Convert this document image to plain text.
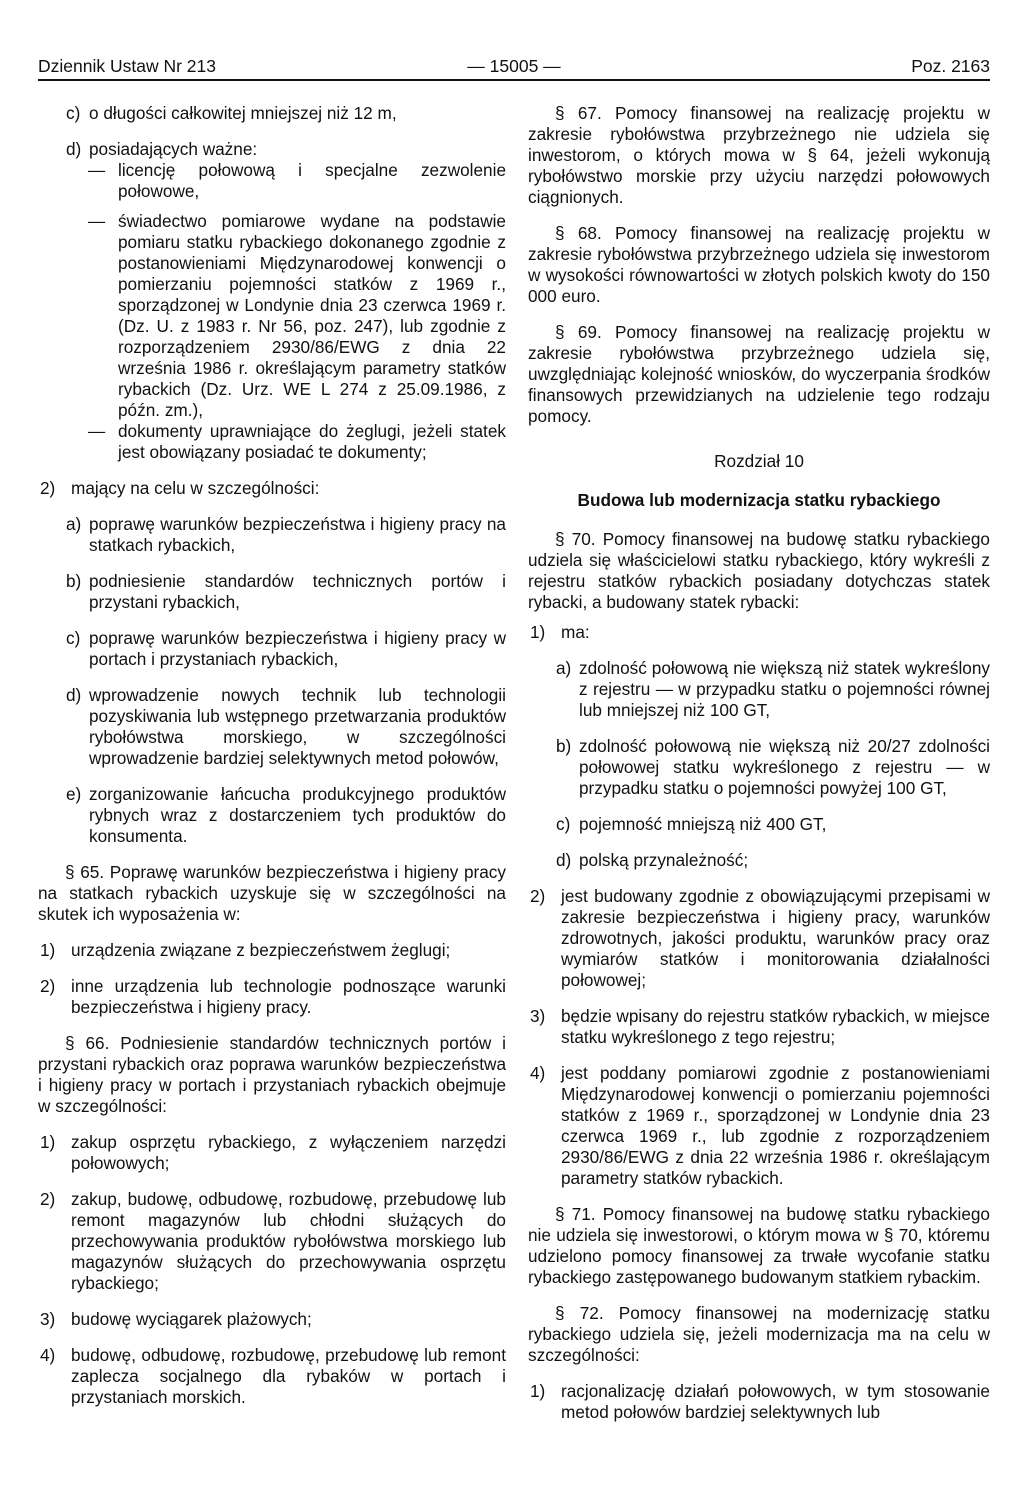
Dziennik Ustaw Nr 213	— 15005 —	Poz. 2163

c) o długości całkowitej mniejszej niż 12 m,

d) posiadających ważne:

— licencję połowową i specjalne zezwolenie połowowe,

— świadectwo pomiarowe wydane na podstawie pomiaru statku rybackiego dokonanego zgodnie z postanowieniami Międzynarodowej konwencji o pomierzaniu pojemności statków z 1969 r., sporządzonej w Londynie dnia 23 czerwca 1969 r. (Dz. U. z 1983 r. Nr 56, poz. 247), lub zgodnie z rozporządzeniem 2930/86/EWG z dnia 22 września 1986 r. określającym parametry statków rybackich (Dz. Urz. WE L 274 z 25.09.1986, z późn. zm.),

— dokumenty uprawniające do żeglugi, jeżeli statek jest obowiązany posiadać te dokumenty;

2) mający na celu w szczególności:

a) poprawę warunków bezpieczeństwa i higieny pracy na statkach rybackich,

b) podniesienie standardów technicznych portów i przystani rybackich,

c) poprawę warunków bezpieczeństwa i higieny pracy w portach i przystaniach rybackich,

d) wprowadzenie nowych technik lub technologii pozyskiwania lub wstępnego przetwarzania produktów rybołówstwa morskiego, w szczególności wprowadzenie bardziej selektywnych metod połowów,

e) zorganizowanie łańcucha produkcyjnego produktów rybnych wraz z dostarczeniem tych produktów do konsumenta.

§ 65. Poprawę warunków bezpieczeństwa i higieny pracy na statkach rybackich uzyskuje się w szczególności na skutek ich wyposażenia w:

1) urządzenia związane z bezpieczeństwem żeglugi;

2) inne urządzenia lub technologie podnoszące warunki bezpieczeństwa i higieny pracy.

§ 66. Podniesienie standardów technicznych portów i przystani rybackich oraz poprawa warunków bezpieczeństwa i higieny pracy w portach i przystaniach rybackich obejmuje w szczególności:

1) zakup osprzętu rybackiego, z wyłączeniem narzędzi połowowych;

2) zakup, budowę, odbudowę, rozbudowę, przebudowę lub remont magazynów lub chłodni służących do przechowywania produktów rybołówstwa morskiego lub magazynów służących do przechowywania osprzętu rybackiego;

3) budowę wyciągarek plażowych;

4) budowę, odbudowę, rozbudowę, przebudowę lub remont zaplecza socjalnego dla rybaków w portach i przystaniach morskich.

§ 67. Pomocy finansowej na realizację projektu w zakresie rybołówstwa przybrzeżnego nie udziela się inwestorom, o których mowa w § 64, jeżeli wykonują rybołówstwo morskie przy użyciu narzędzi połowowych ciągnionych.

§ 68. Pomocy finansowej na realizację projektu w zakresie rybołówstwa przybrzeżnego udziela się inwestorom w wysokości równowartości w złotych polskich kwoty do 150 000 euro.

§ 69. Pomocy finansowej na realizację projektu w zakresie rybołówstwa przybrzeżnego udziela się, uwzględniając kolejność wniosków, do wyczerpania środków finansowych przewidzianych na udzielenie tego rodzaju pomocy.

Rozdział 10

Budowa lub modernizacja statku rybackiego

§ 70. Pomocy finansowej na budowę statku rybackiego udziela się właścicielowi statku rybackiego, który wykreśli z rejestru statków rybackich posiadany dotychczas statek rybacki, a budowany statek rybacki:

1) ma:

a) zdolność połowową nie większą niż statek wykreślony z rejestru — w przypadku statku o pojemności równej lub mniejszej niż 100 GT,

b) zdolność połowową nie większą niż 20/27 zdolności połowowej statku wykreślonego z rejestru — w przypadku statku o pojemności powyżej 100 GT,

c) pojemność mniejszą niż 400 GT,

d) polską przynależność;

2) jest budowany zgodnie z obowiązującymi przepisami w zakresie bezpieczeństwa i higieny pracy, warunków zdrowotnych, jakości produktu, warunków pracy oraz wymiarów statków i monitorowania działalności połowowej;

3) będzie wpisany do rejestru statków rybackich, w miejsce statku wykreślonego z tego rejestru;

4) jest poddany pomiarowi zgodnie z postanowieniami Międzynarodowej konwencji o pomierzaniu pojemności statków z 1969 r., sporządzonej w Londynie dnia 23 czerwca 1969 r., lub zgodnie z rozporządzeniem 2930/86/EWG z dnia 22 września 1986 r. określającym parametry statków rybackich.

§ 71. Pomocy finansowej na budowę statku rybackiego nie udziela się inwestorowi, o którym mowa w § 70, któremu udzielono pomocy finansowej za trwałe wycofanie statku rybackiego zastępowanego budowanym statkiem rybackim.

§ 72. Pomocy finansowej na modernizację statku rybackiego udziela się, jeżeli modernizacja ma na celu w szczególności:

1) racjonalizację działań połowowych, w tym stosowanie metod połowów bardziej selektywnych lub
